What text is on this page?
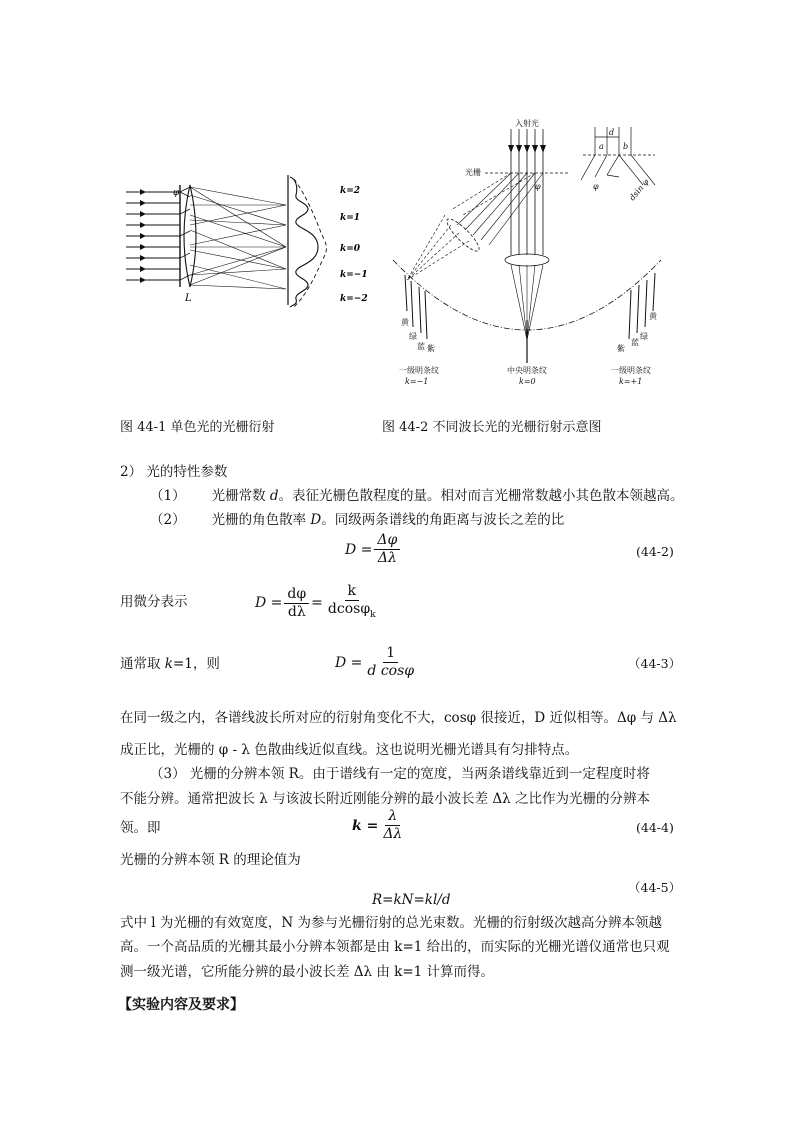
φ
L
k=2
k=1
k=0
k=−1
k=−2
入射光
光栅
φ
d
a b
φ	dsin φ
黄
绿
蓝 紫
黄
绿
蓝
紫
一级明条纹
k=−1
中央明条纹
k=0
一级明条纹
k=+1
图 44-1 单色光的光栅衍射	图 44-2 不同波长光的光栅衍射示意图
2） 光的特性参数
（1） 光栅常数 d。表征光栅色散程度的量。相对而言光栅常数越小其色散本领越高。
（2） 光栅的角色散率 D。同级两条谱线的角距离与波长之差的比
$D = \frac{\Delta\varphi}{\Delta\lambda}$	(44-2)
用微分表示	$D = \frac{d\varphi}{d\lambda} = \frac{k}{dcos\varphi_k}$
通常取 k=1，则	$D = \frac{1}{\text{d cosφ}}$	（44-3）
在同一级之内，各谱线波长所对应的衍射角变化不大，cosφ 很接近，D 近似相等。Δφ 与 Δλ
成正比，光栅的 φ - λ 色散曲线近似直线。这也说明光栅光谱具有匀排特点。
（3） 光栅的分辨本领 R。由于谱线有一定的宽度，当两条谱线靠近到一定程度时将
不能分辨。通常把波长 λ 与该波长附近刚能分辨的最小波长差 Δλ 之比作为光栅的分辨本
领。即	$k = \frac{\lambda}{\Delta\lambda}$	(44-4)
光栅的分辨本领 R 的理论值为
（44-5）
R=kN=kl/d
式中 l 为光栅的有效宽度，N 为参与光栅衍射的总光束数。光栅的衍射级次越高分辨本领越
高。一个高品质的光栅其最小分辨本领都是由 k=1 给出的，而实际的光栅光谱仪通常也只观
测一级光谱，它所能分辨的最小波长差 Δλ 由 k=1 计算而得。
【实验内容及要求】
